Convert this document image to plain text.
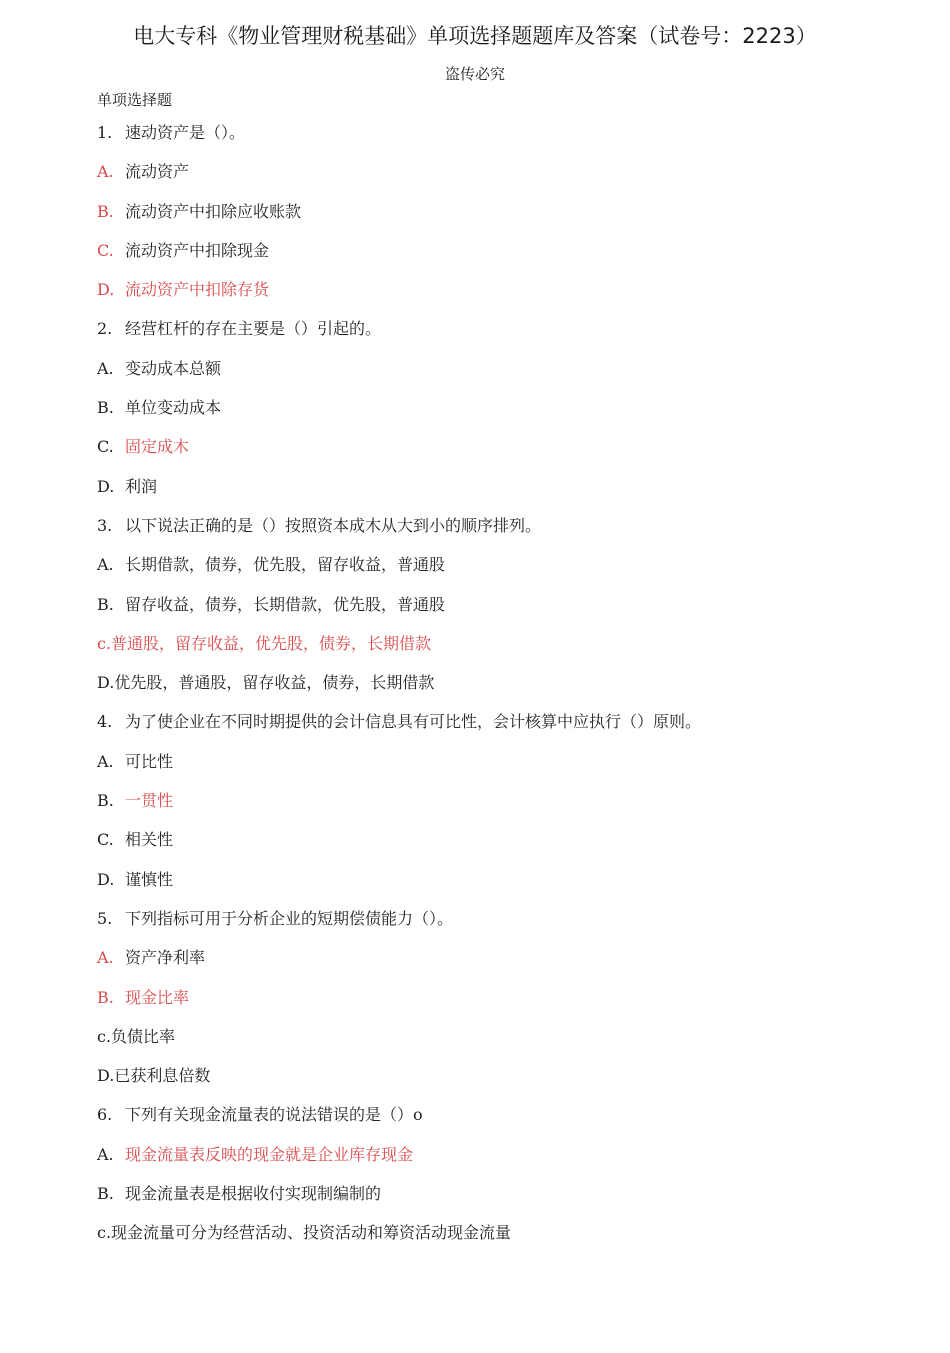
电大专科《物业管理财税基础》单项选择题题库及答案（试卷号：2223）
盗传必究
单项选择题
1. 速动资产是（）。
A. 流动资产
B. 流动资产中扣除应收账款
C. 流动资产中扣除现金
D. 流动资产中扣除存货
2. 经营杠杆的存在主要是（）引起的。
A. 变动成本总额
B. 单位变动成本
C. 固定成木
D. 利润
3. 以下说法正确的是（）按照资本成木从大到小的顺序排列。
A. 长期借款，债券，优先股，留存收益，普通股
B. 留存收益，债券，长期借款，优先股，普通股
c. 普通股，留存收益，优先股，债券，长期借款
D. 优先股，普通股，留存收益，债券，长期借款
4. 为了使企业在不同时期提供的会计信息具有可比性，会计核算中应执行（）原则。
A. 可比性
B. 一贯性
C. 相关性
D. 谨慎性
5. 下列指标可用于分析企业的短期偿债能力（）。
A. 资产净利率
B. 现金比率
c. 负债比率
D. 已获利息倍数
6. 下列有关现金流量表的说法错误的是（）o
A. 现金流量表反映的现金就是企业库存现金
B. 现金流量表是根据收付实现制编制的
c. 现金流量可分为经营活动、投资活动和筹资活动现金流量
